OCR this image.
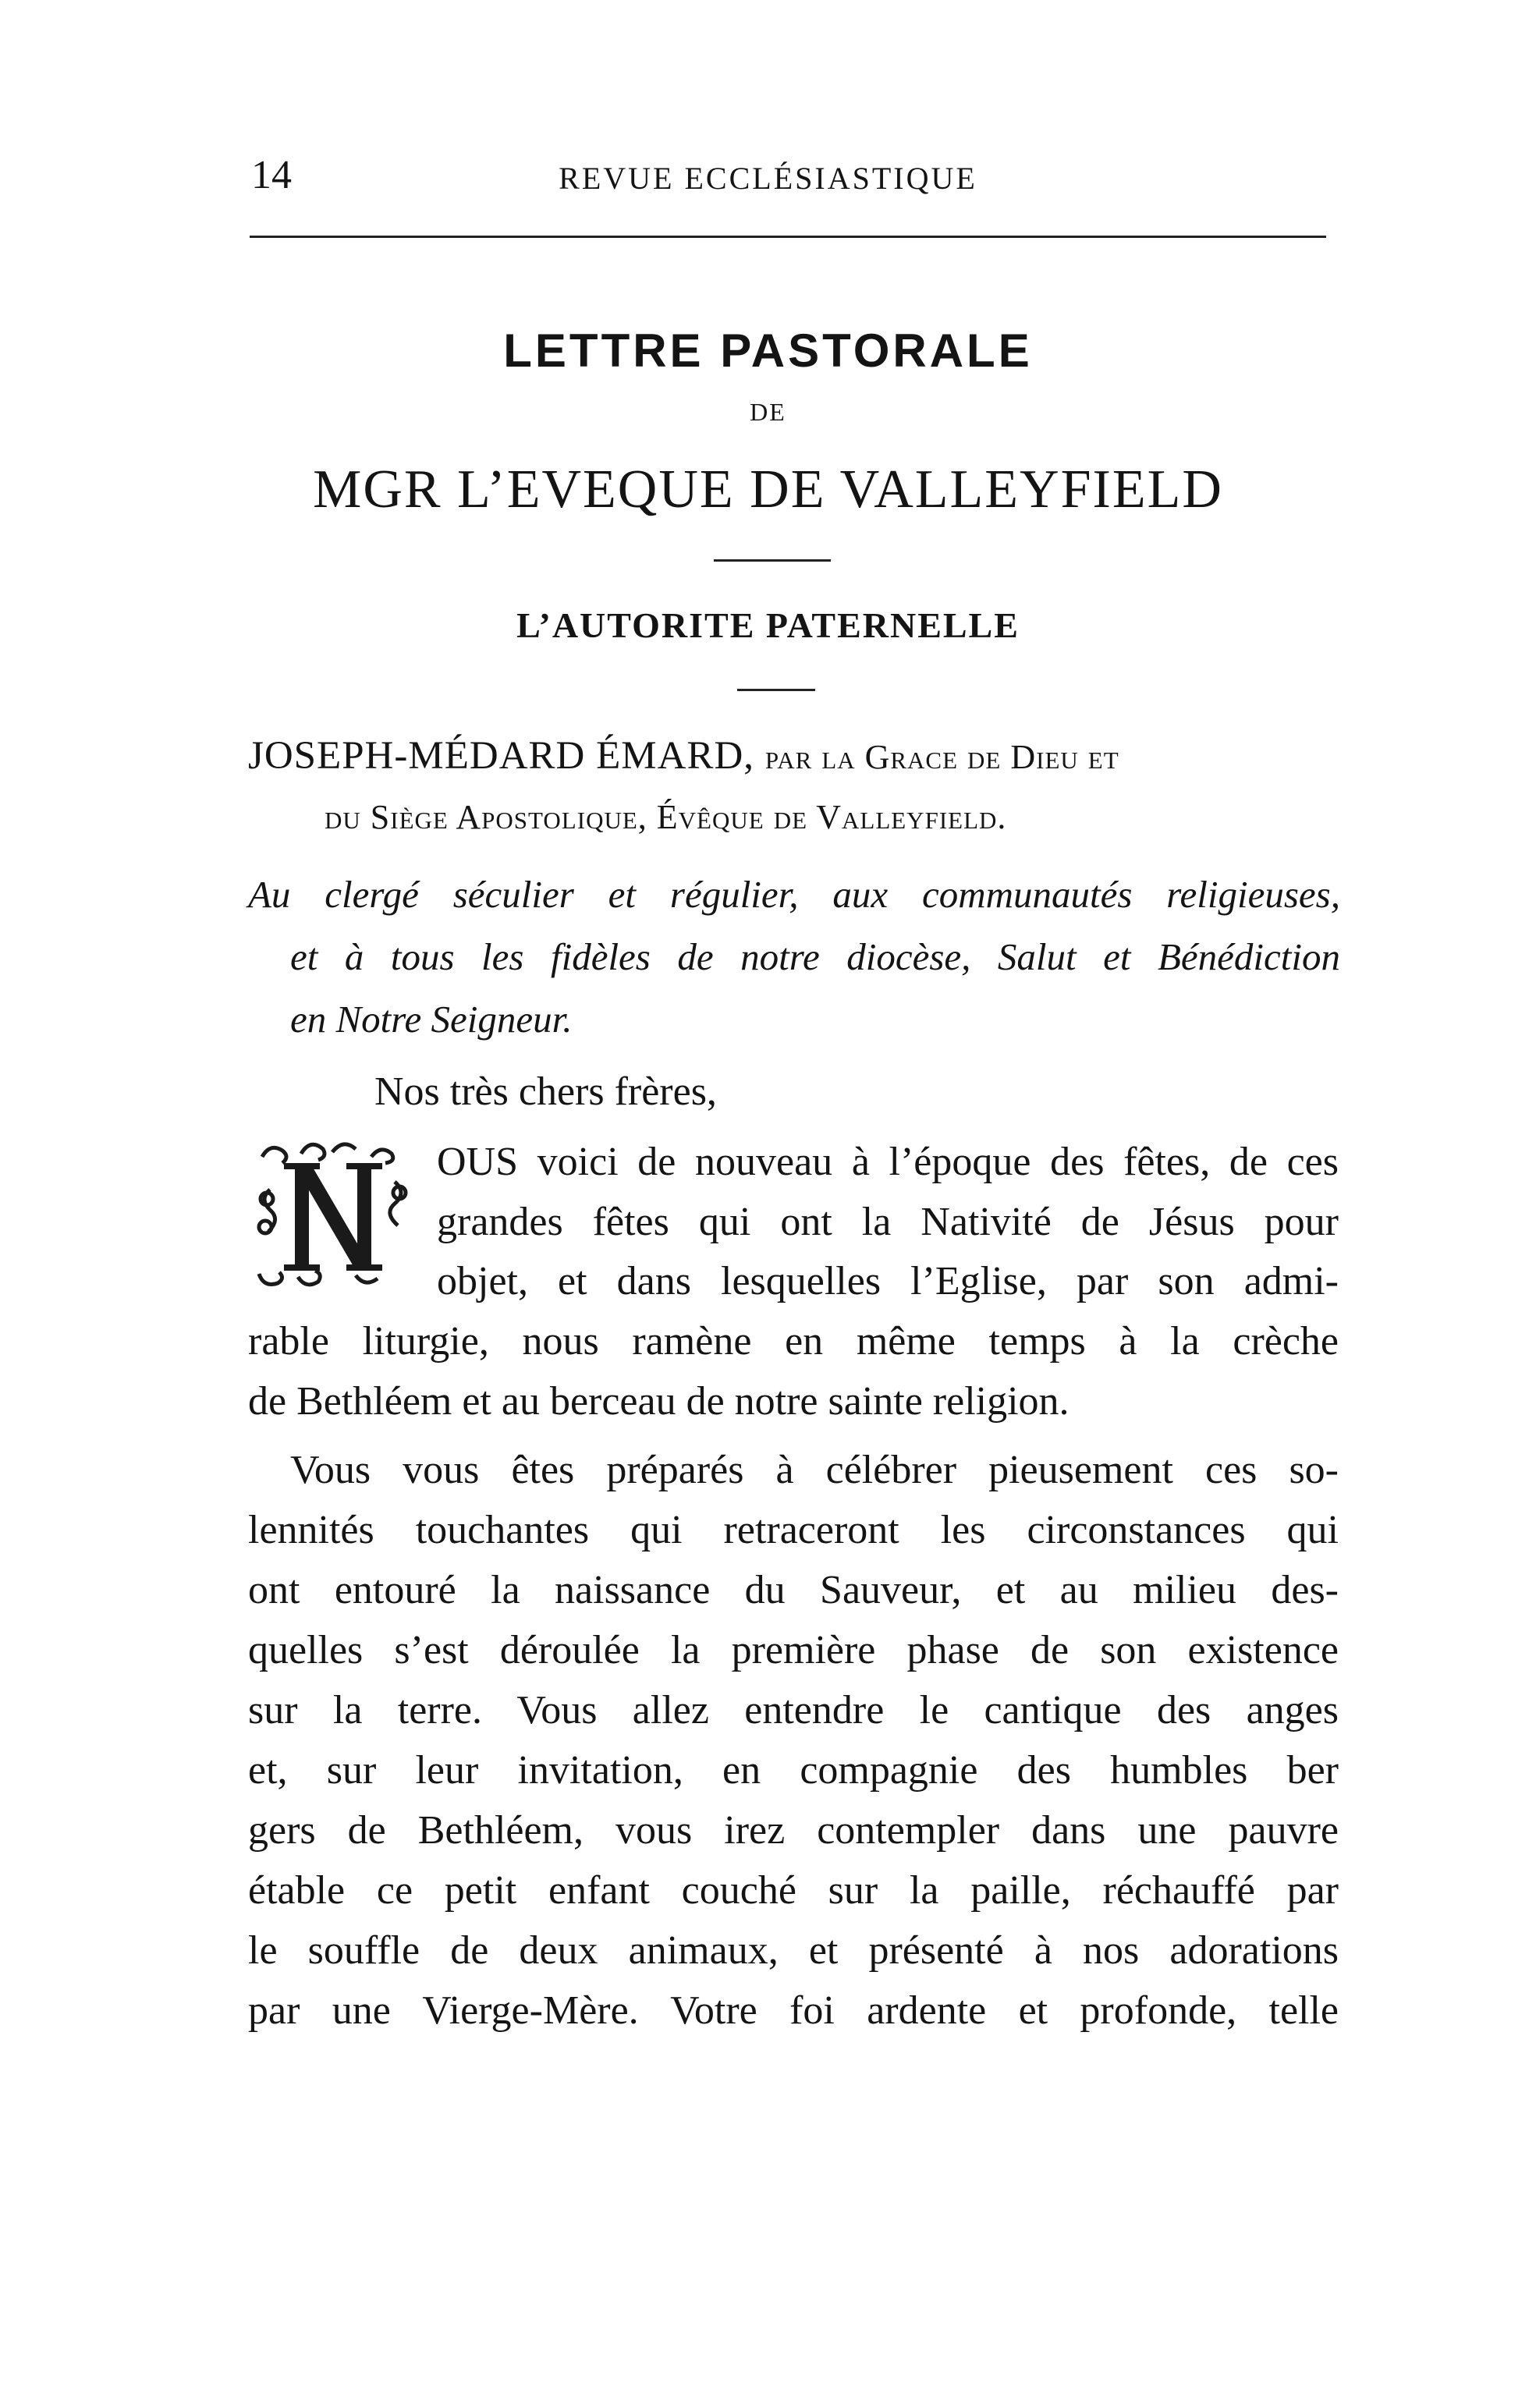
14	REVUE ECCLÉSIASTIQUE
LETTRE PASTORALE
DE
MGR L’EVEQUE DE VALLEYFIELD
L’AUTORITE PATERNELLE
JOSEPH-MÉDARD ÉMARD, par la Grace de Dieu et
du Siège Apostolique, Évêque de Valleyfield.
Au clergé séculier et régulier, aux communautés religieuses,
et à tous les fidèles de notre diocèse, Salut et Bénédiction
en Notre Seigneur.
Nos très chers frères,
N
OUS voici de nouveau à l’époque des fêtes, de ces
grandes fêtes qui ont la Nativité de Jésus pour
objet, et dans lesquelles l’Eglise, par son admi-
rable liturgie, nous ramène en même temps à la crèche
de Bethléem et au berceau de notre sainte religion.
Vous vous êtes préparés à célébrer pieusement ces so-
lennités touchantes qui retraceront les circonstances qui
ont entouré la naissance du Sauveur, et au milieu des-
quelles s’est déroulée la première phase de son existence
sur la terre. Vous allez entendre le cantique des anges
et, sur leur invitation, en compagnie des humbles ber
gers de Bethléem, vous irez contempler dans une pauvre
étable ce petit enfant couché sur la paille, réchauffé par
le souffle de deux animaux, et présenté à nos adorations
par une Vierge-Mère. Votre foi ardente et profonde, telle
